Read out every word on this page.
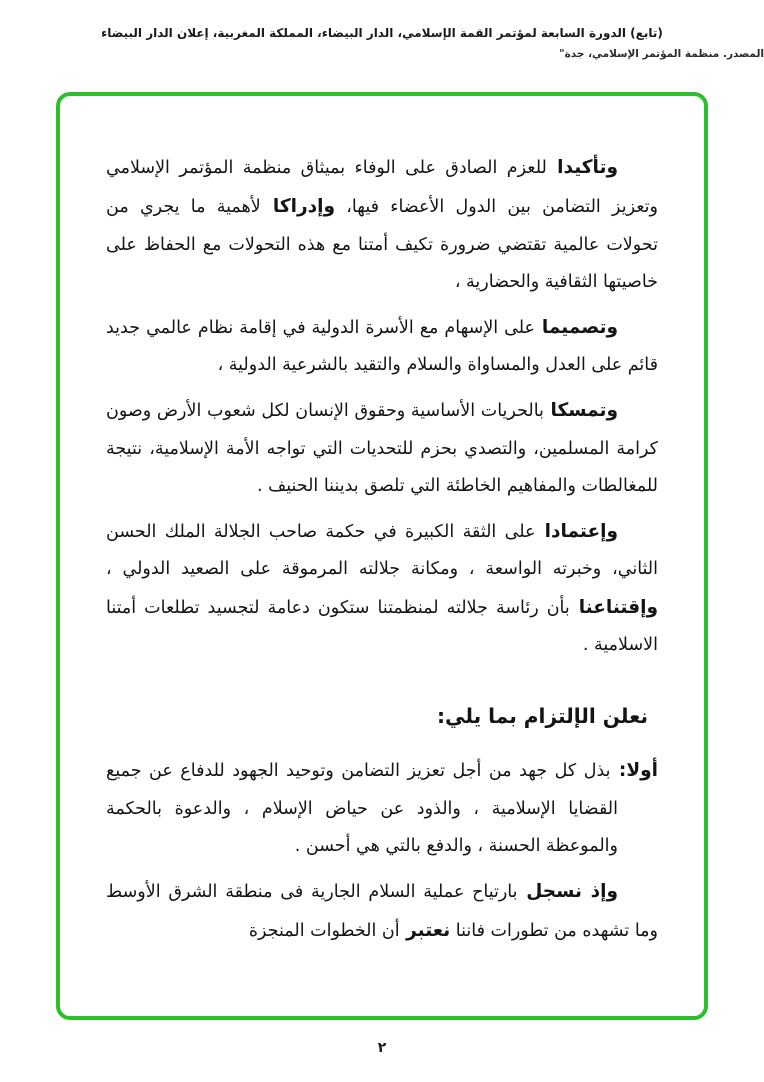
(تابع) الدورة السابعة لمؤتمر القمة الإسلامي، الدار البيضاء، المملكة المغربية، إعلان الدار البيضاء
المصدر. منظمة المؤتمر الإسلامي، جدة"
وتأكيدا للعزم الصادق على الوفاء بميثاق منظمة المؤتمر الإسلامي وتعزيز التضامن بين الدول الأعضاء فيها، وإدراكا لأهمية ما يجري من تحولات عالمية تقتضي ضرورة تكيف أمتنا مع هذه التحولات مع الحفاظ على خاصيتها الثقافية والحضارية ،
وتصميما على الإسهام مع الأسرة الدولية في إقامة نظام عالمي جديد قائم على العدل والمساواة والسلام والتقيد بالشرعية الدولية ،
وتمسكا بالحريات الأساسية وحقوق الإنسان لكل شعوب الأرض وصون كرامة المسلمين، والتصدي بحزم للتحديات التي تواجه الأمة الإسلامية، نتيجة للمغالطات والمفاهيم الخاطئة التي تلصق بديننا الحنيف .
وإعتمادا على الثقة الكبيرة في حكمة صاحب الجلالة الملك الحسن الثاني، وخبرته الواسعة ، ومكانة جلالته المرموقة على الصعيد الدولي ، وإقتناعنا بأن رئاسة جلالته لمنظمتنا ستكون دعامة لتجسيد تطلعات أمتنا الاسلامية .
نعلن الإلتزام بما يلي:
أولا: بذل كل جهد من أجل تعزيز التضامن وتوحيد الجهود للدفاع عن جميع القضايا الإسلامية ، والذود عن حياض الإسلام ، والدعوة بالحكمة والموعظة الحسنة ، والدفع بالتي هي أحسن .
وإذ نسجل بارتياح عملية السلام الجارية فى منطقة الشرق الأوسط وما تشهده من تطورات فاننا نعتبر أن الخطوات المنجزة
٢
